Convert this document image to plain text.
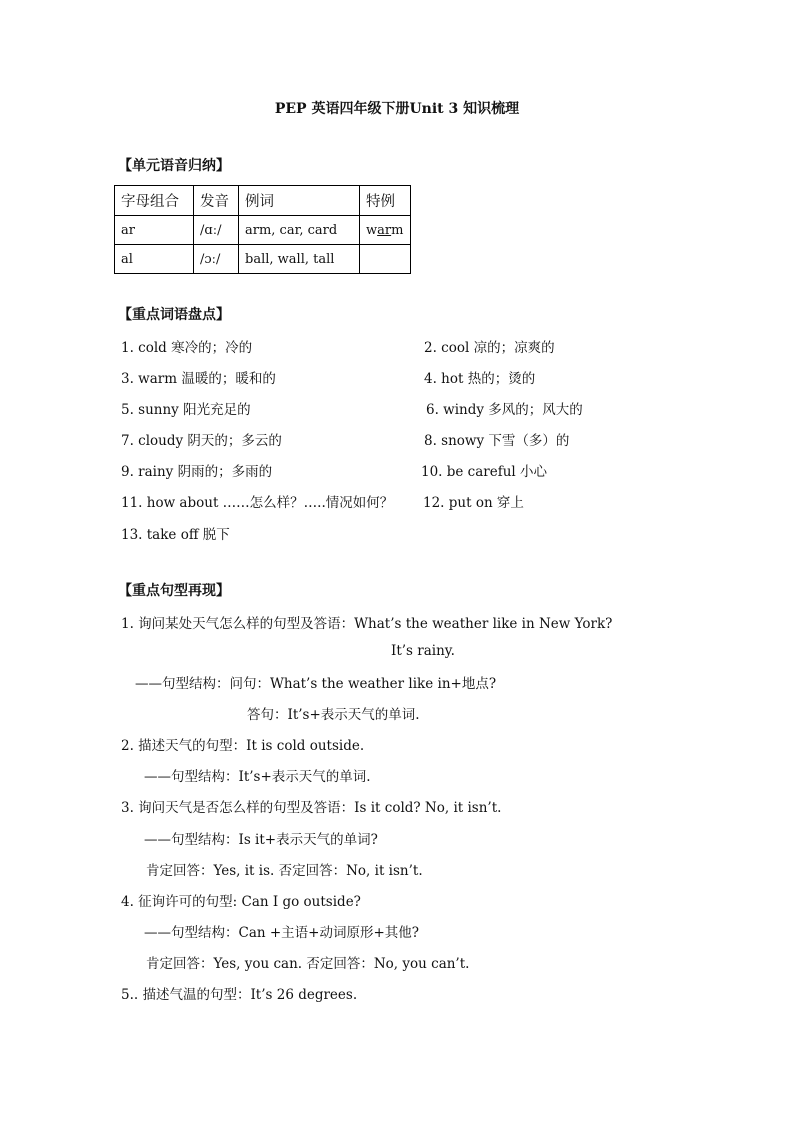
PEP 英语四年级下册Unit 3 知识梳理
【单元语音归纳】
字母组合	发音	例词	特例
ar	/ɑː/	arm, car, card	warm
al	/ɔː/	ball, wall, tall	
【重点词语盘点】
1. cold 寒冷的；冷的	2. cool 凉的；凉爽的
3. warm 温暖的；暖和的	4. hot 热的；烫的
5. sunny 阳光充足的	6. windy 多风的；风大的
7. cloudy 阴天的；多云的	8. snowy 下雪（多）的
9. rainy 阴雨的；多雨的	10. be careful 小心
11. how about ……怎么样？…..情况如何？ 12. put on 穿上
13. take off 脱下
【重点句型再现】
1. 询问某处天气怎么样的句型及答语：What’s the weather like in New York?
It’s rainy.
——句型结构：问句：What’s the weather like in+地点?
答句：It’s+表示天气的单词.
2. 描述天气的句型：It is cold outside.
——句型结构：It’s+表示天气的单词.
3. 询问天气是否怎么样的句型及答语：Is it cold? No, it isn’t.
——句型结构：Is it+表示天气的单词?
肯定回答：Yes, it is. 否定回答：No, it isn’t.
4. 征询许可的句型: Can I go outside?
——句型结构：Can +主语+动词原形+其他?
肯定回答：Yes, you can. 否定回答：No, you can’t.
5.. 描述气温的句型：It’s 26 degrees.
